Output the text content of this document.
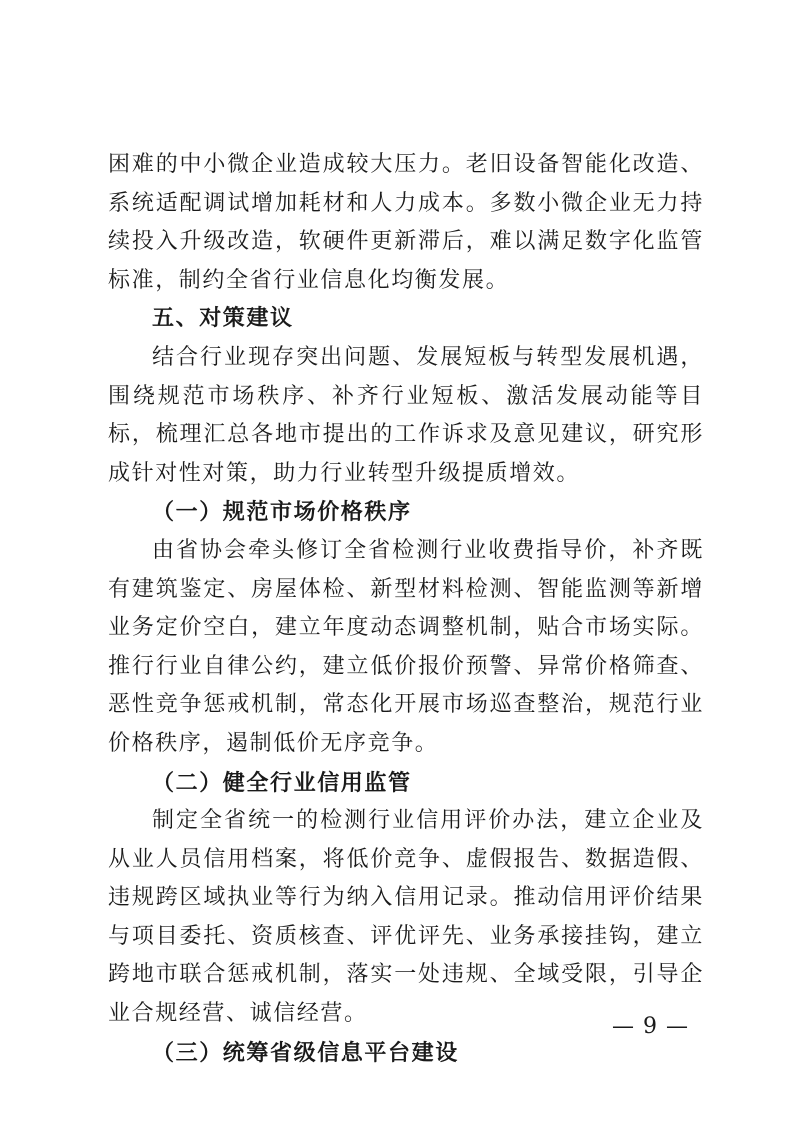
困难的中小微企业造成较大压力。老旧设备智能化改造、系统适配调试增加耗材和人力成本。多数小微企业无力持续投入升级改造，软硬件更新滞后，难以满足数字化监管标准，制约全省行业信息化均衡发展。

五、对策建议

结合行业现存突出问题、发展短板与转型发展机遇，围绕规范市场秩序、补齐行业短板、激活发展动能等目标，梳理汇总各地市提出的工作诉求及意见建议，研究形成针对性对策，助力行业转型升级提质增效。

（一）规范市场价格秩序

由省协会牵头修订全省检测行业收费指导价，补齐既有建筑鉴定、房屋体检、新型材料检测、智能监测等新增业务定价空白，建立年度动态调整机制，贴合市场实际。推行行业自律公约，建立低价报价预警、异常价格筛查、恶性竞争惩戒机制，常态化开展市场巡查整治，规范行业价格秩序，遏制低价无序竞争。

（二）健全行业信用监管

制定全省统一的检测行业信用评价办法，建立企业及从业人员信用档案，将低价竞争、虚假报告、数据造假、违规跨区域执业等行为纳入信用记录。推动信用评价结果与项目委托、资质核查、评优评先、业务承接挂钩，建立跨地市联合惩戒机制，落实一处违规、全域受限，引导企业合规经营、诚信经营。

（三）统筹省级信息平台建设

— 9 —
